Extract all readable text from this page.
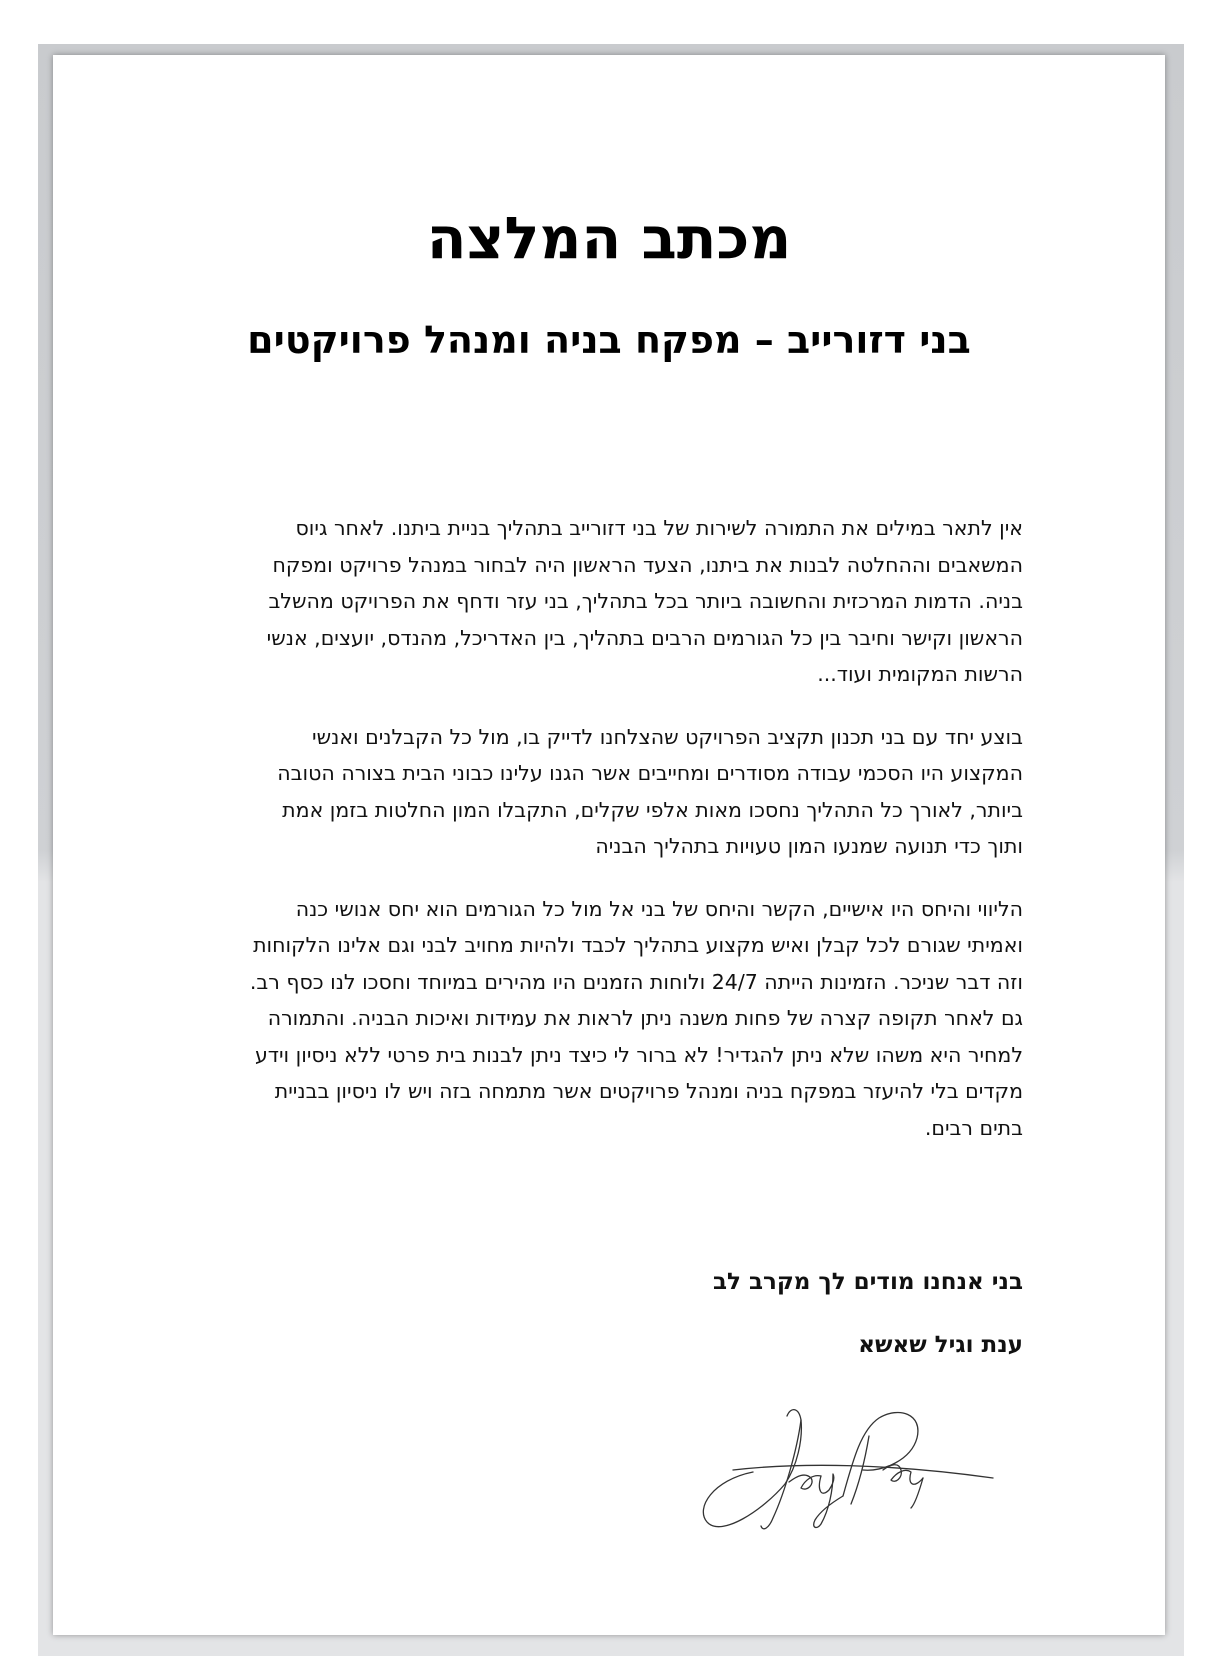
מכתב המלצה
בני דזורייב – מפקח בניה ומנהל פרויקטים

אין לתאר במילים את התמורה לשירות של בני דזורייב בתהליך בניית ביתנו. לאחר גיוס המשאבים וההחלטה לבנות את ביתנו, הצעד הראשון היה לבחור במנהל פרויקט ומפקח בניה. הדמות המרכזית והחשובה ביותר בכל בתהליך, בני עזר ודחף את הפרויקט מהשלב הראשון וקישר וחיבר בין כל הגורמים הרבים בתהליך, בין האדריכל, מהנדס, יועצים, אנשי הרשות המקומית ועוד...

בוצע יחד עם בני תכנון תקציב הפרויקט שהצלחנו לדייק בו, מול כל הקבלנים ואנשי המקצוע היו הסכמי עבודה מסודרים ומחייבים אשר הגנו עלינו כבוני הבית בצורה הטובה ביותר, לאורך כל התהליך נחסכו מאות אלפי שקלים, התקבלו המון החלטות בזמן אמת ותוך כדי תנועה שמנעו המון טעויות בתהליך הבניה

הליווי והיחס היו אישיים, הקשר והיחס של בני אל מול כל הגורמים הוא יחס אנושי כנה ואמיתי שגורם לכל קבלן ואיש מקצוע בתהליך לכבד ולהיות מחויב לבני וגם אלינו הלקוחות וזה דבר שניכר. הזמינות הייתה 24/7 ולוחות הזמנים היו מהירים במיוחד וחסכו לנו כסף רב. גם לאחר תקופה קצרה של פחות משנה ניתן לראות את עמידות ואיכות הבניה. והתמורה למחיר היא משהו שלא ניתן להגדיר! לא ברור לי כיצד ניתן לבנות בית פרטי ללא ניסיון וידע מקדים בלי להיעזר במפקח בניה ומנהל פרויקטים אשר מתמחה בזה ויש לו ניסיון בבניית בתים רבים.

בני אנחנו מודים לך מקרב לב

ענת וגיל שאשא
